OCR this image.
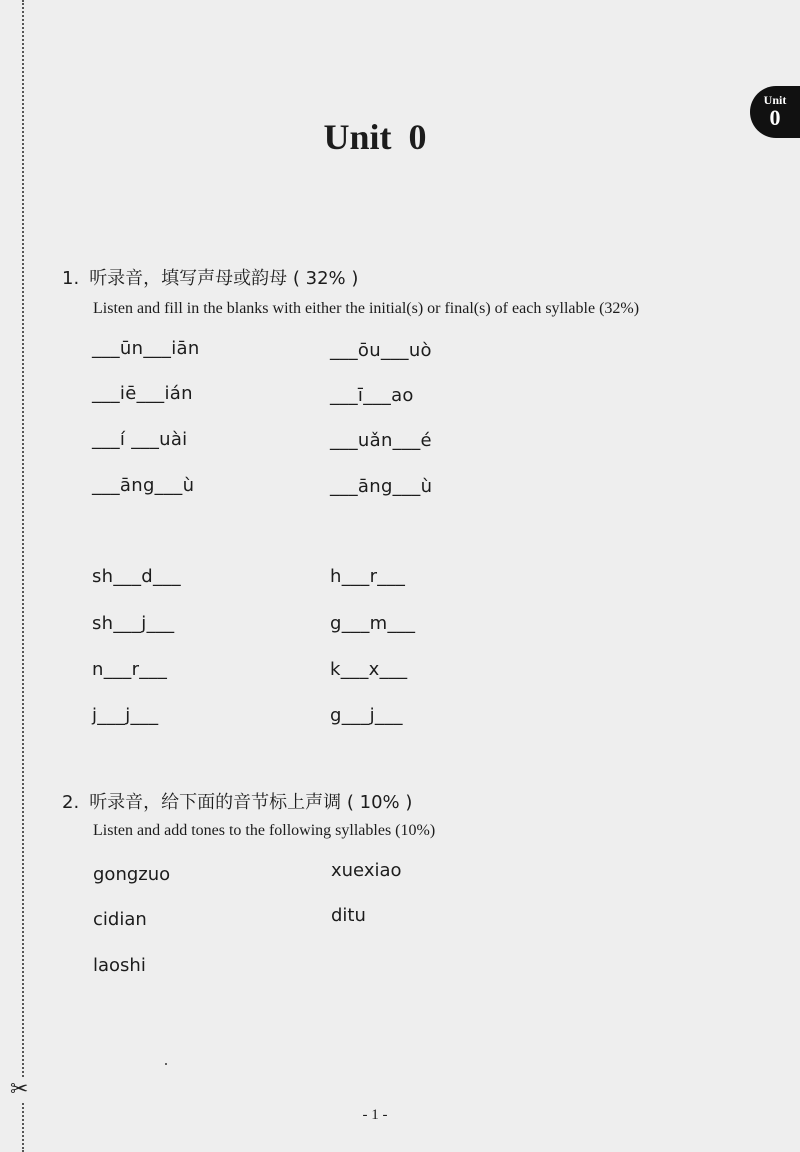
✂
Unit
0
Unit 0
1. 听录音，填写声母或韵母 ( 32% )
Listen and fill in the blanks with either the initial(s) or final(s) of each syllable (32%)
___ūn___iān
___iē___ián
___í ___uài
___āng___ù
sh___d___
sh___j___
n___r___
j___j___
___ōu___uò
___ī___ao
___uǎn___é
___āng___ù
h___r___
g___m___
k___x___
g___j___
2. 听录音，给下面的音节标上声调 ( 10% )
Listen and add tones to the following syllables (10%)
gongzuo
cidian
laoshi
xuexiao
ditu
- 1 -
